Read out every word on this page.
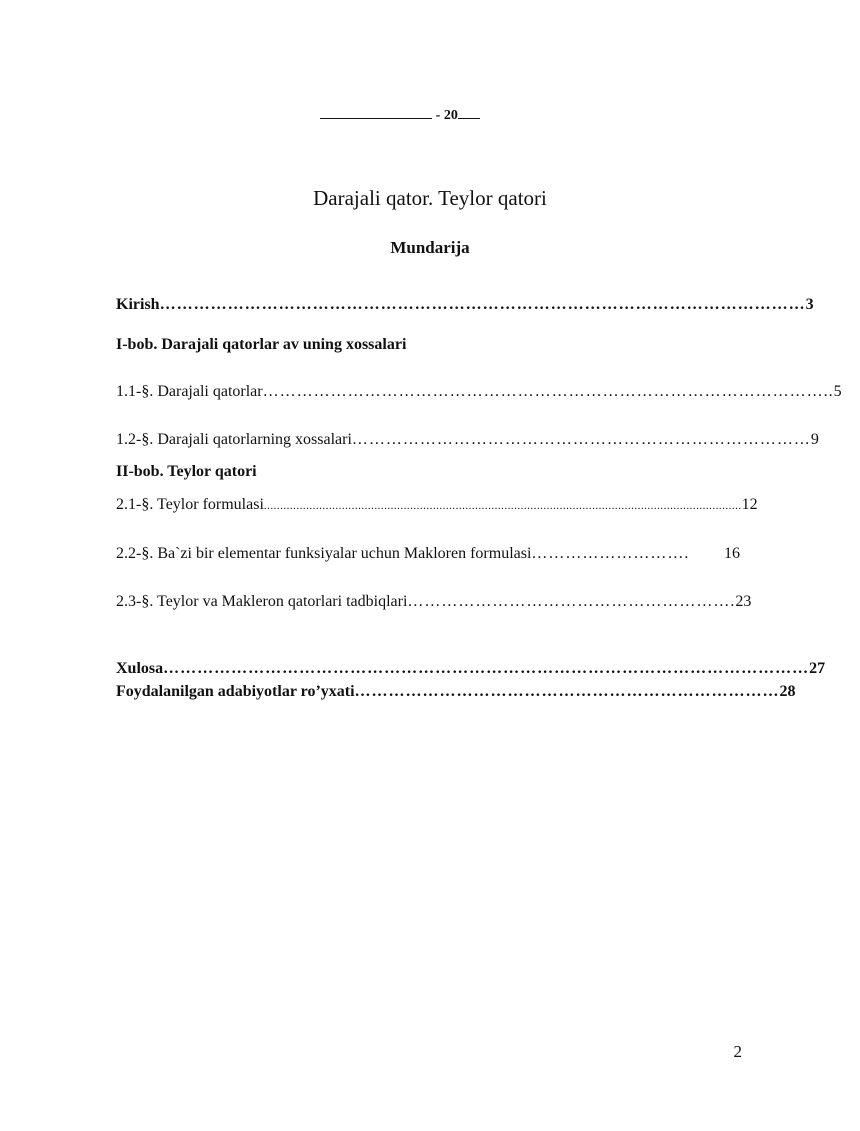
- 20
Darajali qator. Teylor qatori
Mundarija
Kirish …………………………………………………………………………………………………… 3
I-bob. Darajali qatorlar av uning xossalari
1.1-§. Darajali qatorlar ……………………………………………………………………………………….. 5
1.2-§. Darajali qatorlarning xossalari ……………………………………………………………………… 9
II-bob. Teylor qatori
2.1-§. Teylor formulasi ................................................................................................................................................... 12
2.2-§. Ba`zi bir elementar funksiyalar uchun Makloren formulasi ……………………….	16
2.3-§. Teylor va Makleron qatorlari tadbiqlari …………………………………………………. 23
Xulosa …………………………………………………………………………………………………… 27
Foydalanilgan adabiyotlar ro’yxati ………………………………………………………………… 28
2
